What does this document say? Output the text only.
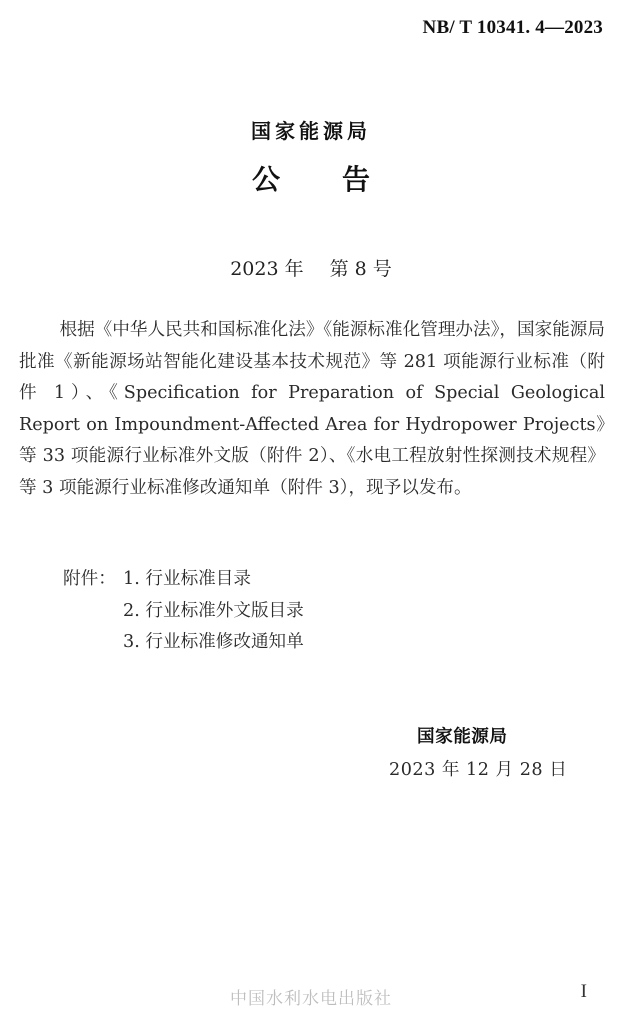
NB/ T 10341. 4—2023
国家能源局
公告
2023 年 第 8 号
根据《中华人民共和国标准化法》《能源标准化管理办法》，国家能源局批准《新能源场站智能化建设基本技术规范》等 281 项能源行业标准（附件 1）、《Specification for Preparation of Special Geological Report on Impoundment-Affected Area for Hydropower Projects》等 33 项能源行业标准外文版（附件 2）、《水电工程放射性探测技术规程》等 3 项能源行业标准修改通知单（附件 3），现予以发布。
附件： 1. 行业标准目录
2. 行业标准外文版目录
3. 行业标准修改通知单
国家能源局
2023 年 12 月 28 日
中国水利水电出版社	I
